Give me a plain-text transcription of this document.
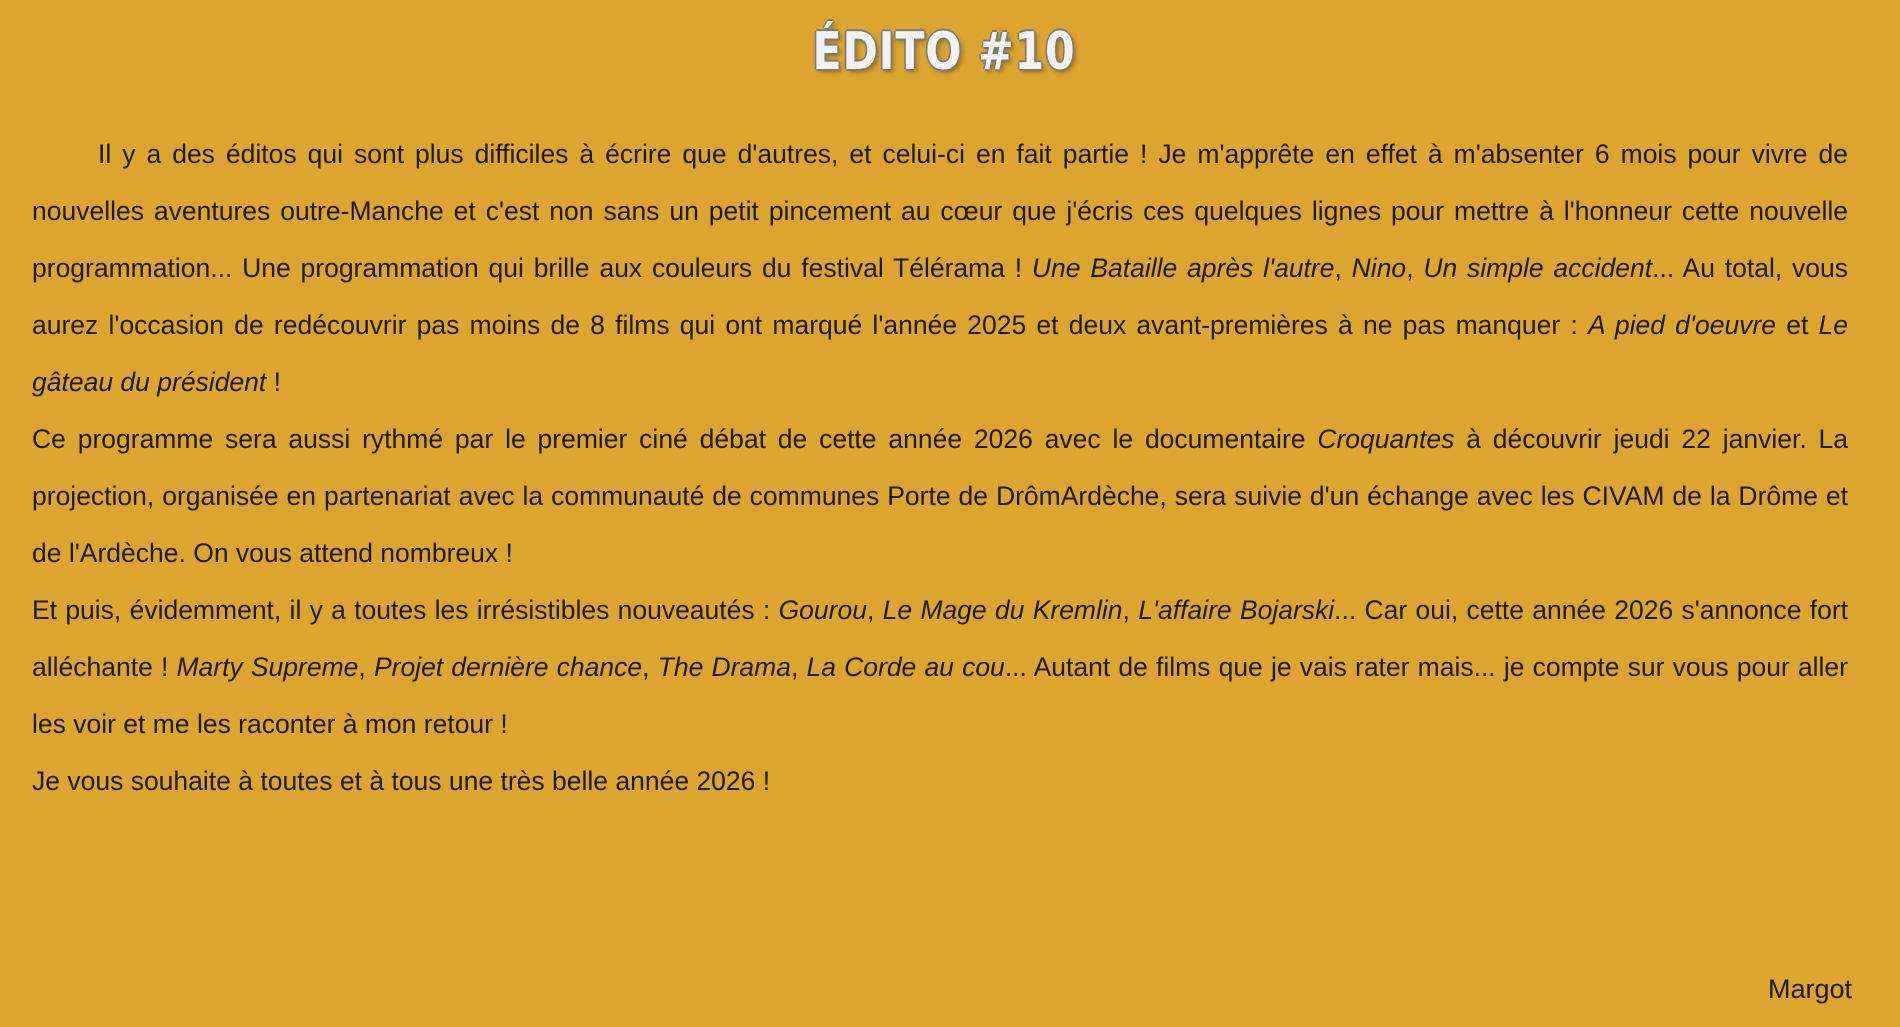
ÉDITO #10

Il y a des éditos qui sont plus difficiles à écrire que d'autres, et celui-ci en fait partie ! Je m'apprête en effet à m'absenter 6 mois pour vivre de nouvelles aventures outre-Manche et c'est non sans un petit pincement au cœur que j'écris ces quelques lignes pour mettre à l'honneur cette nouvelle programmation... Une programmation qui brille aux couleurs du festival Télérama ! Une Bataille après l'autre, Nino, Un simple accident... Au total, vous aurez l'occasion de redécouvrir pas moins de 8 films qui ont marqué l'année 2025 et deux avant-premières à ne pas manquer : A pied d'oeuvre et Le gâteau du président !

Ce programme sera aussi rythmé par le premier ciné débat de cette année 2026 avec le documentaire Croquantes à découvrir jeudi 22 janvier. La projection, organisée en partenariat avec la communauté de communes Porte de DrômArdèche, sera suivie d'un échange avec les CIVAM de la Drôme et de l'Ardèche. On vous attend nombreux !

Et puis, évidemment, il y a toutes les irrésistibles nouveautés : Gourou, Le Mage du Kremlin, L'affaire Bojarski... Car oui, cette année 2026 s'annonce fort alléchante ! Marty Supreme, Projet dernière chance, The Drama, La Corde au cou... Autant de films que je vais rater mais... je compte sur vous pour aller les voir et me les raconter à mon retour !

Je vous souhaite à toutes et à tous une très belle année 2026 !

Margot
